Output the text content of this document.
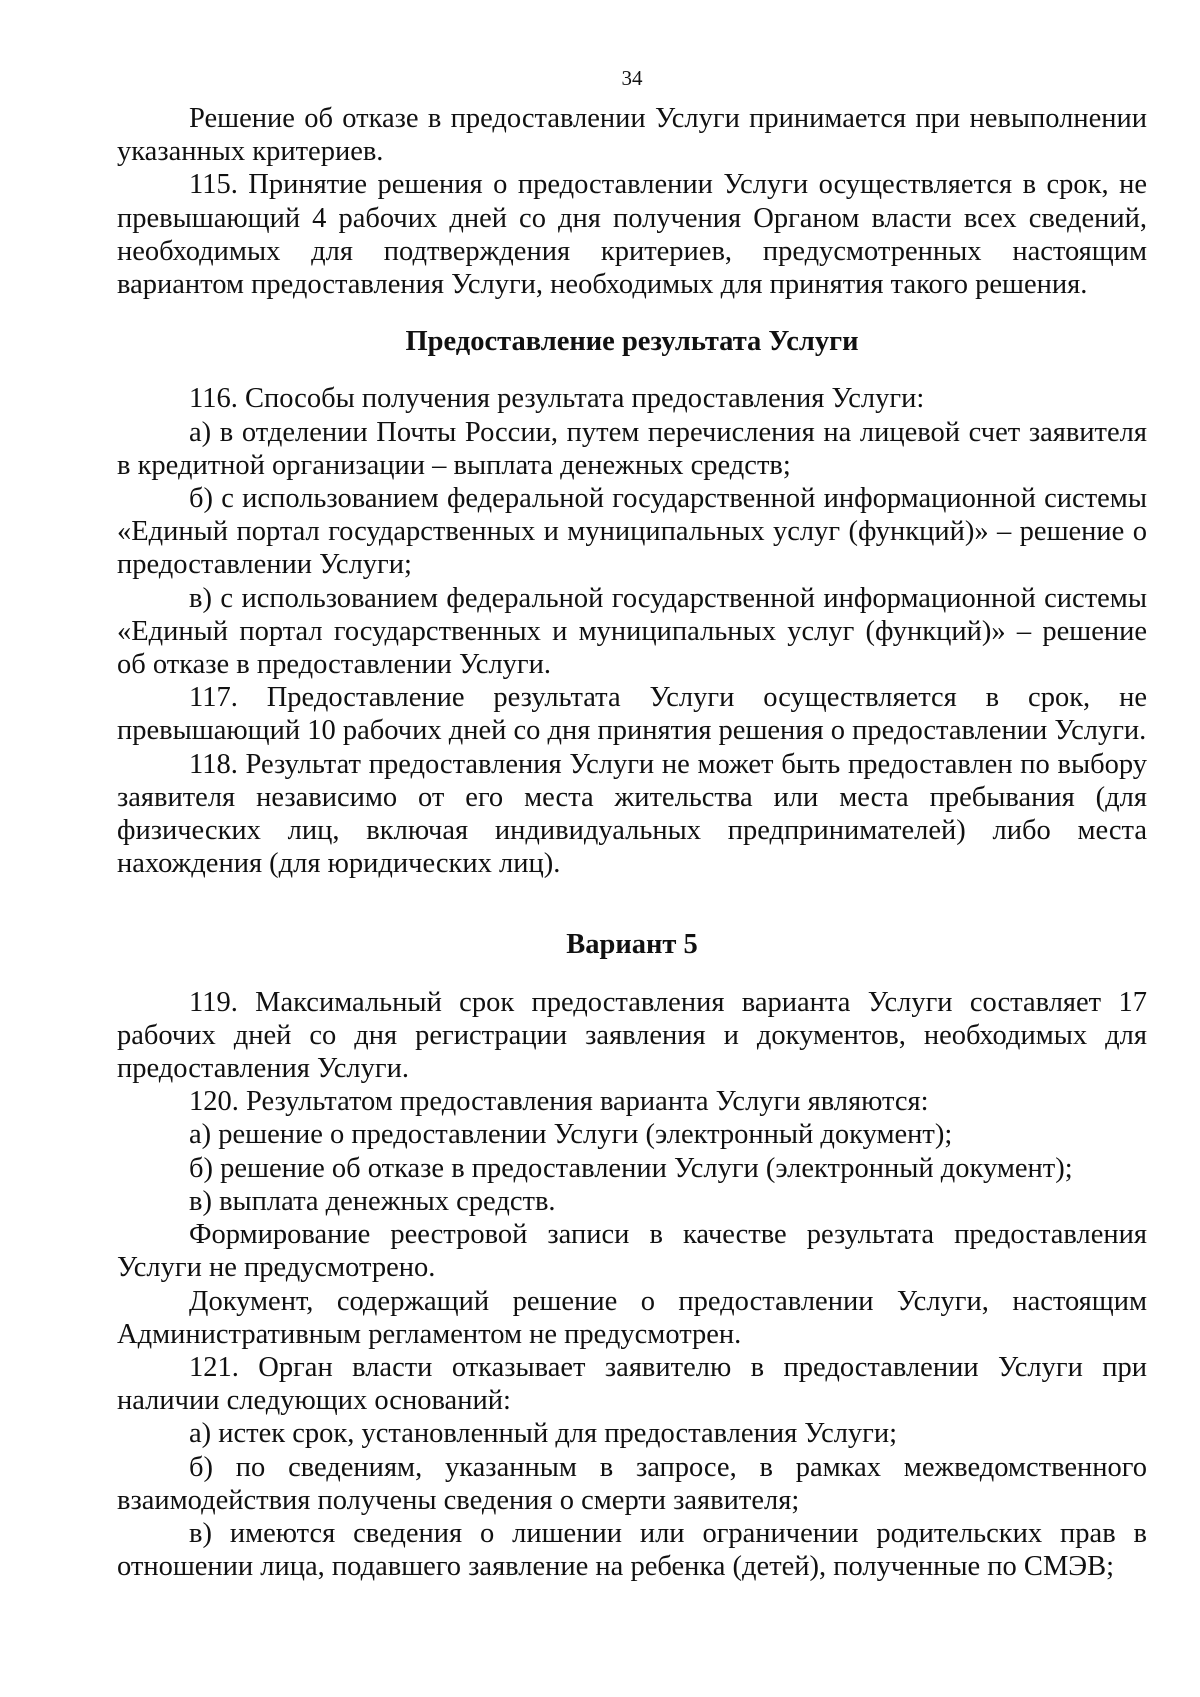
34

Решение об отказе в предоставлении Услуги принимается при невыполнении указанных критериев.

115. Принятие решения о предоставлении Услуги осуществляется в срок, не превышающий 4 рабочих дней со дня получения Органом власти всех сведений, необходимых для подтверждения критериев, предусмотренных настоящим вариантом предоставления Услуги, необходимых для принятия такого решения.

Предоставление результата Услуги

116. Способы получения результата предоставления Услуги:

а) в отделении Почты России, путем перечисления на лицевой счет заявителя в кредитной организации – выплата денежных средств;

б) с использованием федеральной государственной информационной системы «Единый портал государственных и муниципальных услуг (функций)» – решение о предоставлении Услуги;

в) с использованием федеральной государственной информационной системы «Единый портал государственных и муниципальных услуг (функций)» – решение об отказе в предоставлении Услуги.

117. Предоставление результата Услуги осуществляется в срок, не превышающий 10 рабочих дней со дня принятия решения о предоставлении Услуги.

118. Результат предоставления Услуги не может быть предоставлен по выбору заявителя независимо от его места жительства или места пребывания (для физических лиц, включая индивидуальных предпринимателей) либо места нахождения (для юридических лиц).

Вариант 5

119. Максимальный срок предоставления варианта Услуги составляет 17 рабочих дней со дня регистрации заявления и документов, необходимых для предоставления Услуги.

120. Результатом предоставления варианта Услуги являются:

а) решение о предоставлении Услуги (электронный документ);

б) решение об отказе в предоставлении Услуги (электронный документ);

в) выплата денежных средств.

Формирование реестровой записи в качестве результата предоставления Услуги не предусмотрено.

Документ, содержащий решение о предоставлении Услуги, настоящим Административным регламентом не предусмотрен.

121. Орган власти отказывает заявителю в предоставлении Услуги при наличии следующих оснований:

а) истек срок, установленный для предоставления Услуги;

б) по сведениям, указанным в запросе, в рамках межведомственного взаимодействия получены сведения о смерти заявителя;

в) имеются сведения о лишении или ограничении родительских прав в отношении лица, подавшего заявление на ребенка (детей), полученные по СМЭВ;
